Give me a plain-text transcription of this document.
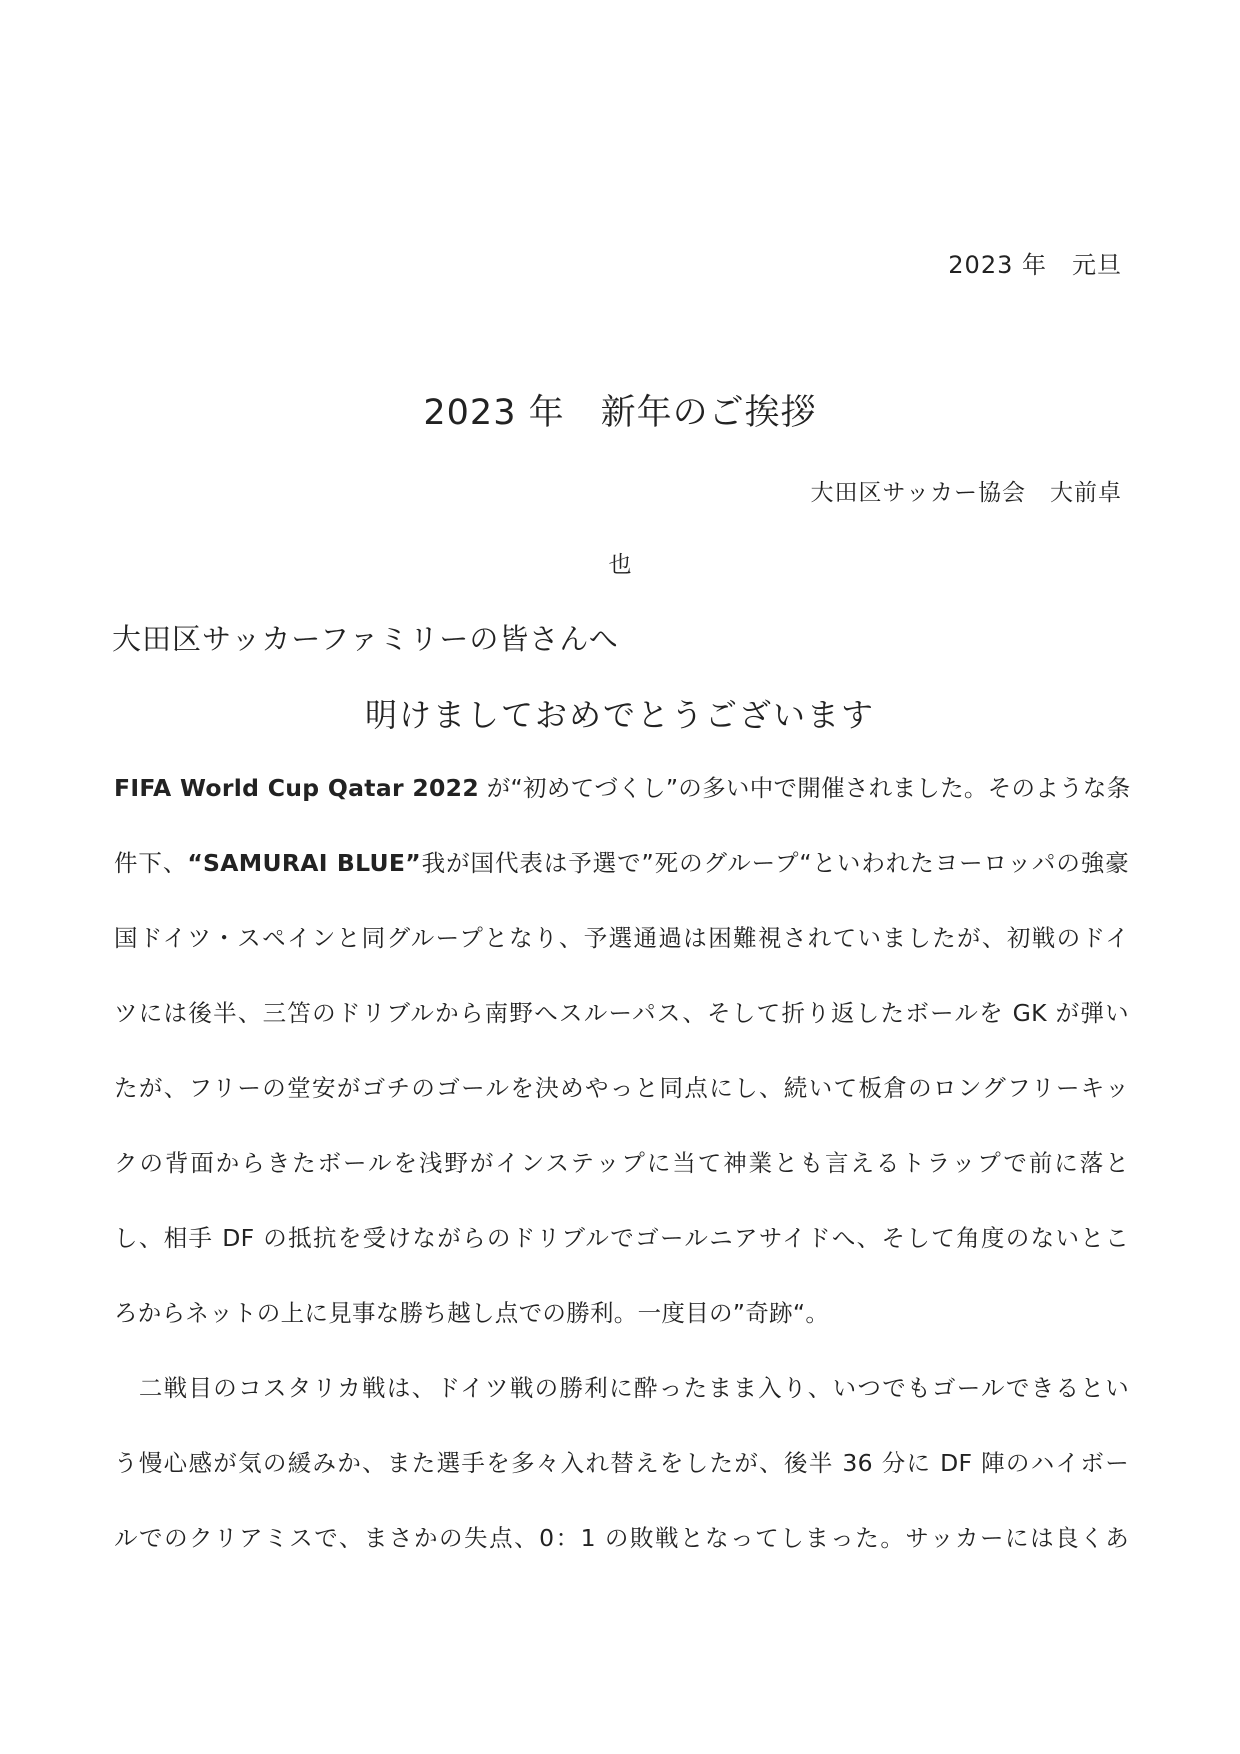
2023 年　元旦
2023 年　新年のご挨拶
大田区サッカー協会　大前卓
也
大田区サッカーファミリーの皆さんへ
明けましておめでとうございます
FIFA World Cup Qatar 2022 が“初めてづくし”の多い中で開催されました。そのような条
件下、“SAMURAI BLUE”我が国代表は予選で”死のグループ“といわれたヨーロッパの強豪
国ドイツ・スペインと同グループとなり、予選通過は困難視されていましたが、初戦のドイ
ツには後半、三笘のドリブルから南野へスルーパス、そして折り返したボールを GK が弾い
たが、フリーの堂安がゴチのゴールを決めやっと同点にし、続いて板倉のロングフリーキッ
クの背面からきたボールを浅野がインステップに当て神業とも言えるトラップで前に落と
し、相手 DF の抵抗を受けながらのドリブルでゴールニアサイドへ、そして角度のないとこ
ろからネットの上に見事な勝ち越し点での勝利。一度目の”奇跡“。
　二戦目のコスタリカ戦は、ドイツ戦の勝利に酔ったまま入り、いつでもゴールできるとい
う慢心感が気の緩みか、また選手を多々入れ替えをしたが、後半 36 分に DF 陣のハイボー
ルでのクリアミスで、まさかの失点、0：1 の敗戦となってしまった。サッカーには良くあ
